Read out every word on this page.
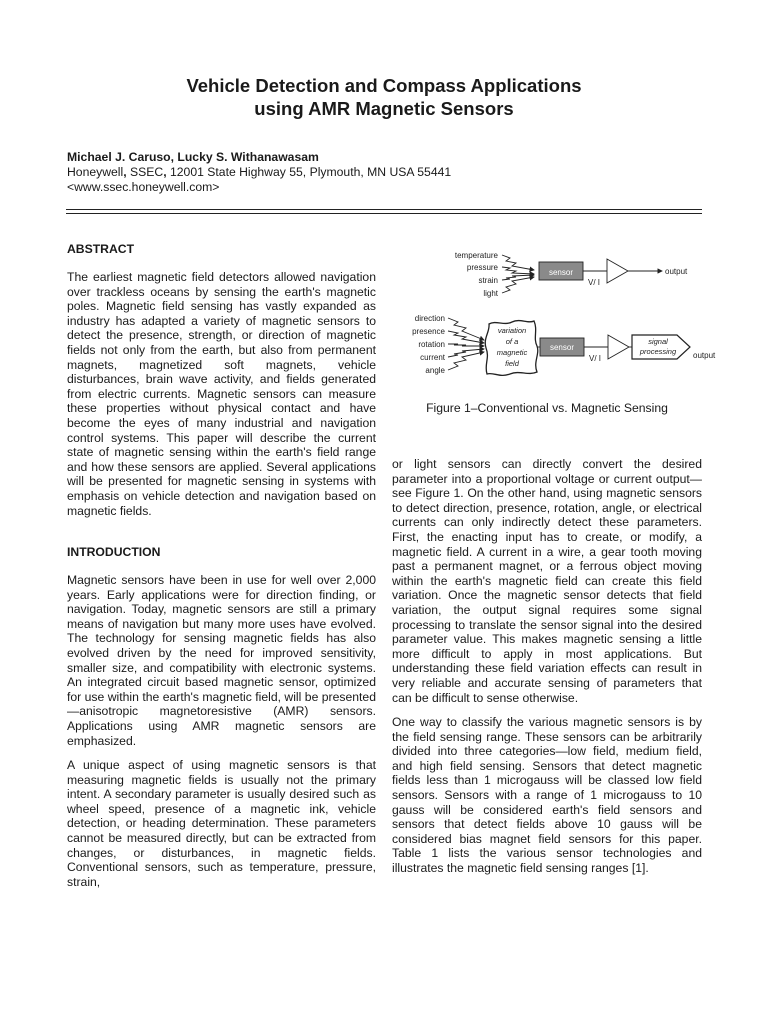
Vehicle Detection and Compass Applications
using AMR Magnetic Sensors
Michael J. Caruso, Lucky S. Withanawasam
Honeywell, SSEC, 12001 State Highway 55, Plymouth, MN USA 55441
<www.ssec.honeywell.com>
ABSTRACT
The earliest magnetic field detectors allowed navigation over trackless oceans by sensing the earth's magnetic poles. Magnetic field sensing has vastly expanded as industry has adapted a variety of magnetic sensors to detect the presence, strength, or direction of magnetic fields not only from the earth, but also from permanent magnets, magnetized soft magnets, vehicle disturbances, brain wave activity, and fields generated from electric currents. Magnetic sensors can measure these properties without physical contact and have become the eyes of many industrial and navigation control systems. This paper will describe the current state of magnetic sensing within the earth's field range and how these sensors are applied. Several applications will be presented for magnetic sensing in systems with emphasis on vehicle detection and navigation based on magnetic fields.
INTRODUCTION
Magnetic sensors have been in use for well over 2,000 years. Early applications were for direction finding, or navigation. Today, magnetic sensors are still a primary means of navigation but many more uses have evolved. The technology for sensing magnetic fields has also evolved driven by the need for improved sensitivity, smaller size, and compatibility with electronic systems. An integrated circuit based magnetic sensor, optimized for use within the earth's magnetic field, will be presented—anisotropic magnetoresistive (AMR) sensors. Applications using AMR magnetic sensors are emphasized.
A unique aspect of using magnetic sensors is that measuring magnetic fields is usually not the primary intent. A secondary parameter is usually desired such as wheel speed, presence of a magnetic ink, vehicle detection, or heading determination. These parameters cannot be measured directly, but can be extracted from changes, or disturbances, in magnetic fields. Conventional sensors, such as temperature, pressure, strain,
temperature
pressure
strain
light
sensor
V/ I
output
direction
presence
rotation
current
angle
variation
of a
magnetic
field
sensor
V/ I
signal
processing output
Figure 1–Conventional vs. Magnetic Sensing
or light sensors can directly convert the desired parameter into a proportional voltage or current output—see Figure 1. On the other hand, using magnetic sensors to detect direction, presence, rotation, angle, or electrical currents can only indirectly detect these parameters. First, the enacting input has to create, or modify, a magnetic field. A current in a wire, a gear tooth moving past a permanent magnet, or a ferrous object moving within the earth's magnetic field can create this field variation. Once the magnetic sensor detects that field variation, the output signal requires some signal processing to translate the sensor signal into the desired parameter value. This makes magnetic sensing a little more difficult to apply in most applications. But understanding these field variation effects can result in very reliable and accurate sensing of parameters that can be difficult to sense otherwise.
One way to classify the various magnetic sensors is by the field sensing range. These sensors can be arbitrarily divided into three categories—low field, medium field, and high field sensing. Sensors that detect magnetic fields less than 1 microgauss will be classed low field sensors. Sensors with a range of 1 microgauss to 10 gauss will be considered earth's field sensors and sensors that detect fields above 10 gauss will be considered bias magnet field sensors for this paper. Table 1 lists the various sensor technologies and illustrates the magnetic field sensing ranges [1].
